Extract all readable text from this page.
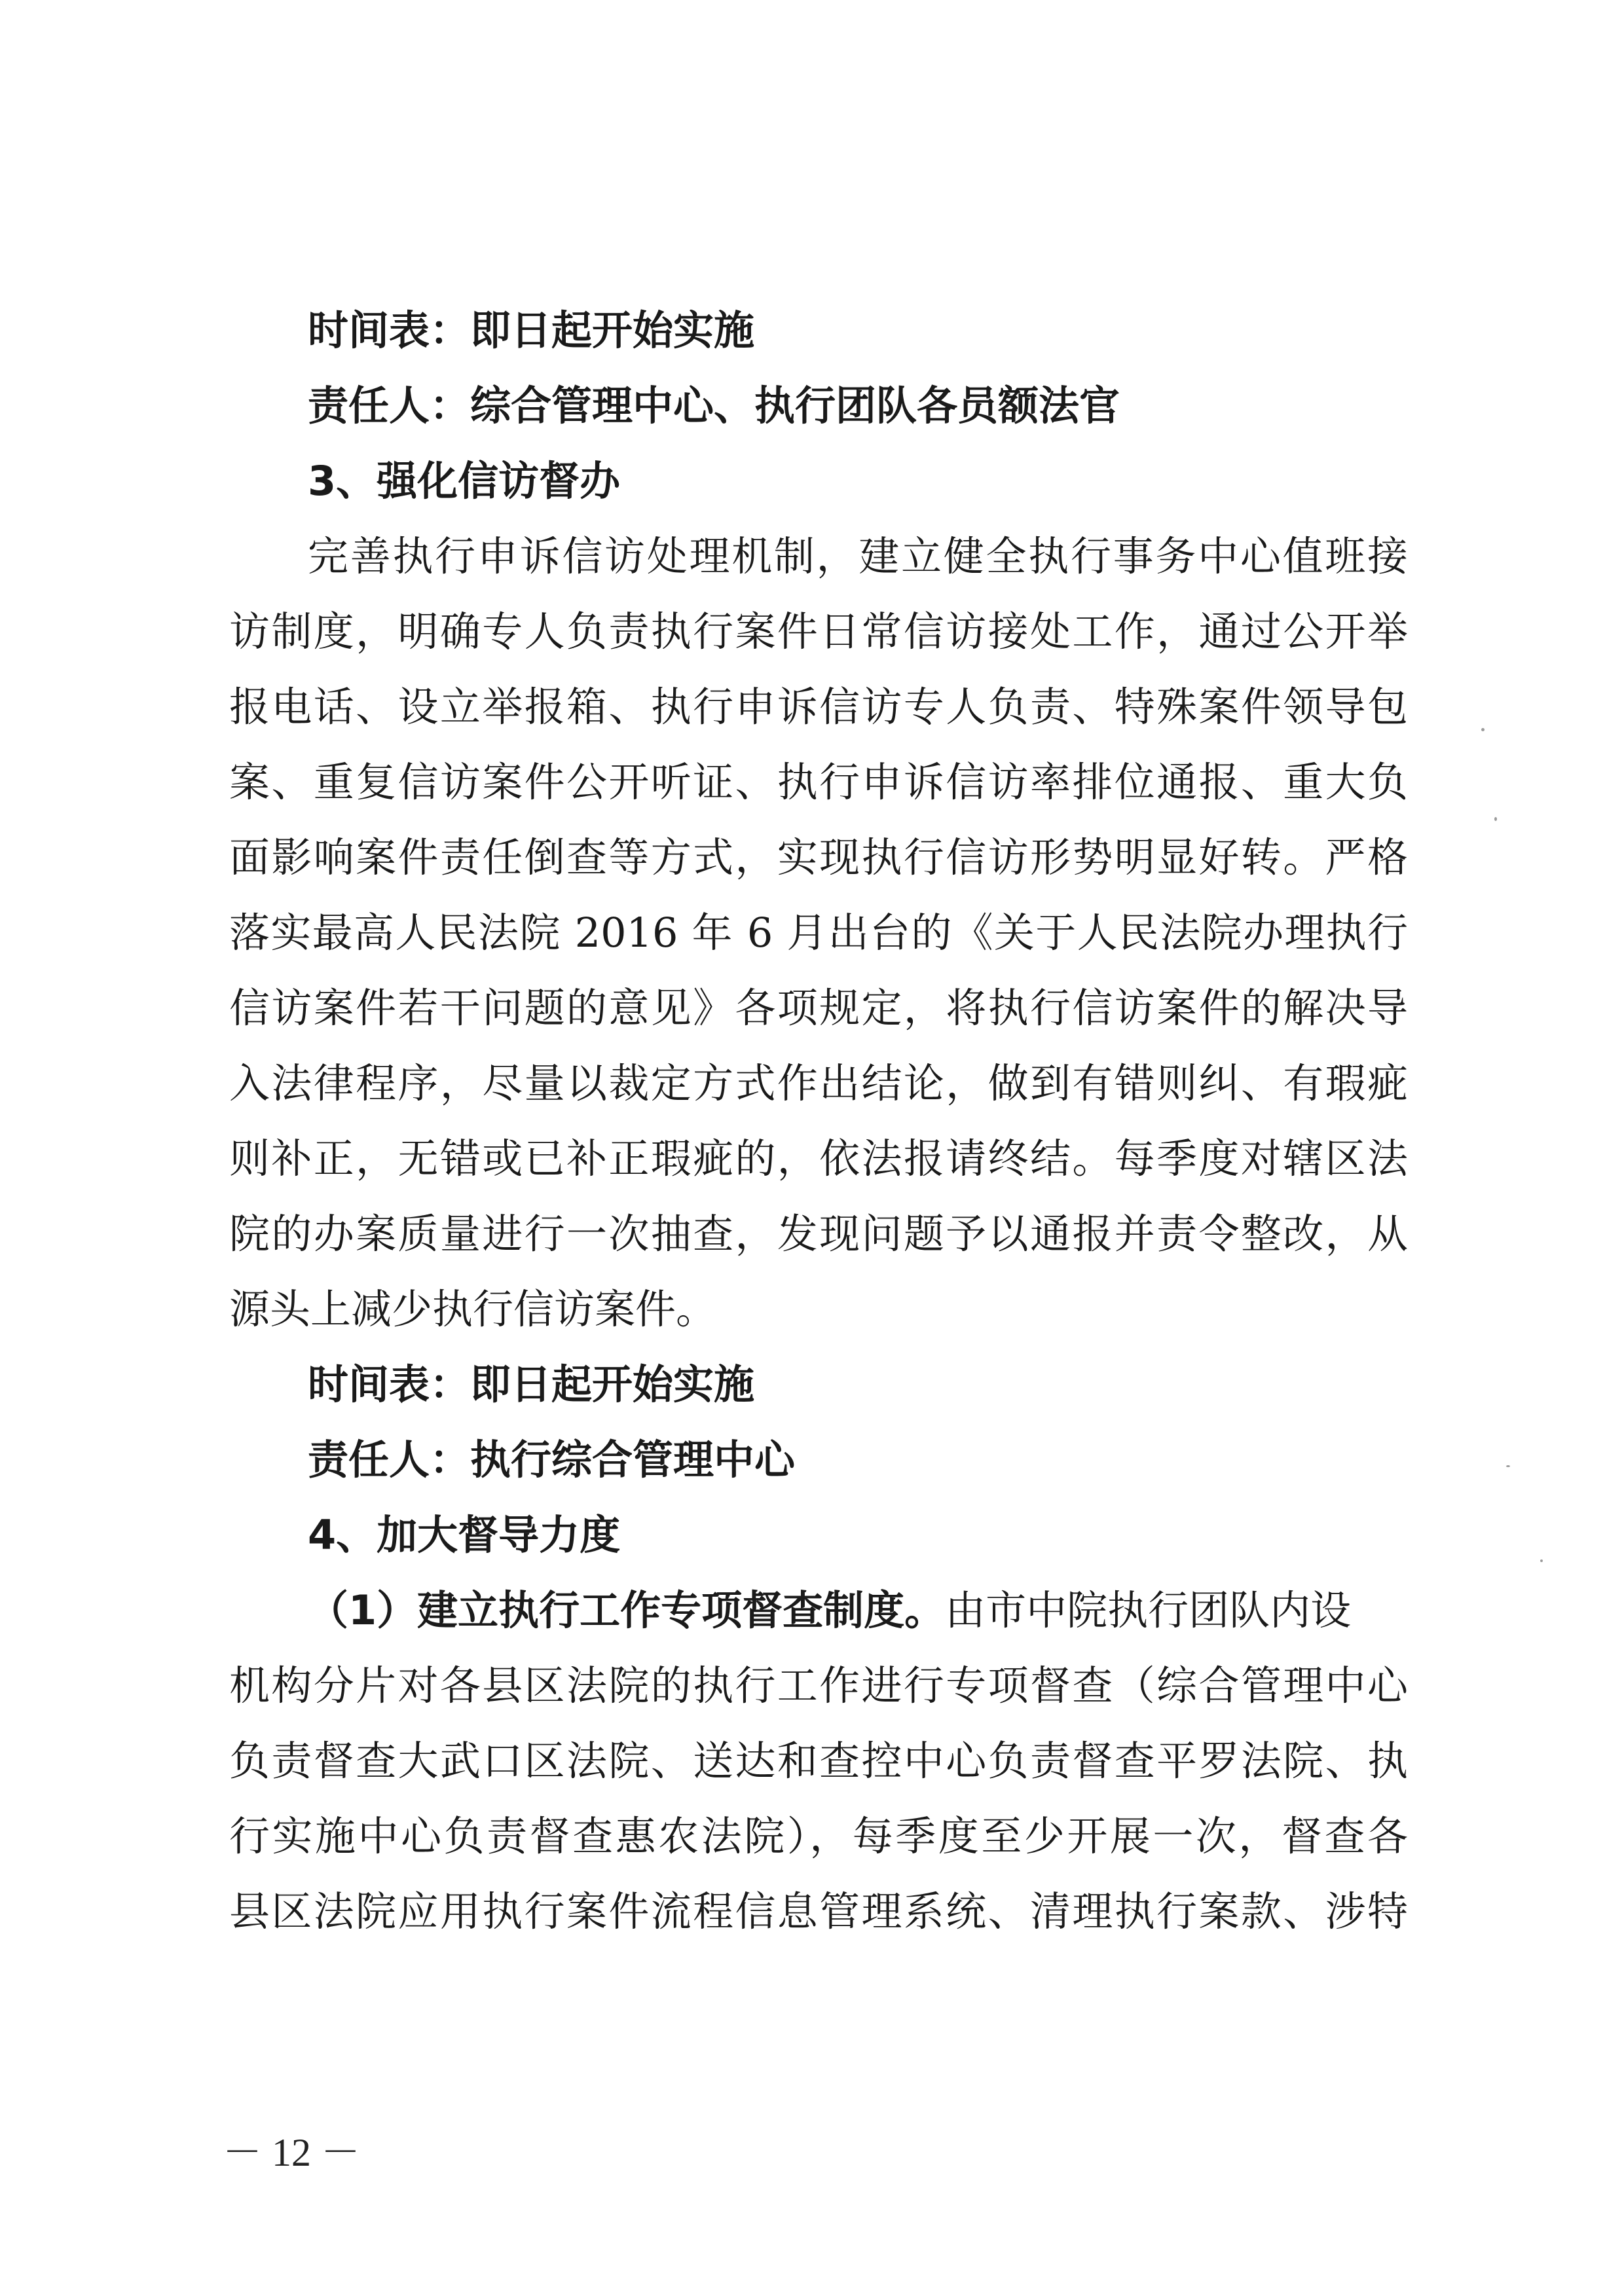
时间表：即日起开始实施
责任人：综合管理中心、执行团队各员额法官
3、强化信访督办
完善执行申诉信访处理机制，建立健全执行事务中心值班接
访制度，明确专人负责执行案件日常信访接处工作，通过公开举
报电话、设立举报箱、执行申诉信访专人负责、特殊案件领导包
案、重复信访案件公开听证、执行申诉信访率排位通报、重大负
面影响案件责任倒查等方式，实现执行信访形势明显好转。严格
落实最高人民法院 2016 年 6 月出台的《关于人民法院办理执行
信访案件若干问题的意见》各项规定，将执行信访案件的解决导
入法律程序，尽量以裁定方式作出结论，做到有错则纠、有瑕疵
则补正，无错或已补正瑕疵的，依法报请终结。每季度对辖区法
院的办案质量进行一次抽查，发现问题予以通报并责令整改，从
源头上减少执行信访案件。
时间表：即日起开始实施
责任人：执行综合管理中心
4、加大督导力度
（1）建立执行工作专项督查制度。由市中院执行团队内设
机构分片对各县区法院的执行工作进行专项督查（综合管理中心
负责督查大武口区法院、送达和查控中心负责督查平罗法院、执
行实施中心负责督查惠农法院），每季度至少开展一次，督查各
县区法院应用执行案件流程信息管理系统、清理执行案款、涉特
－ 12 －
